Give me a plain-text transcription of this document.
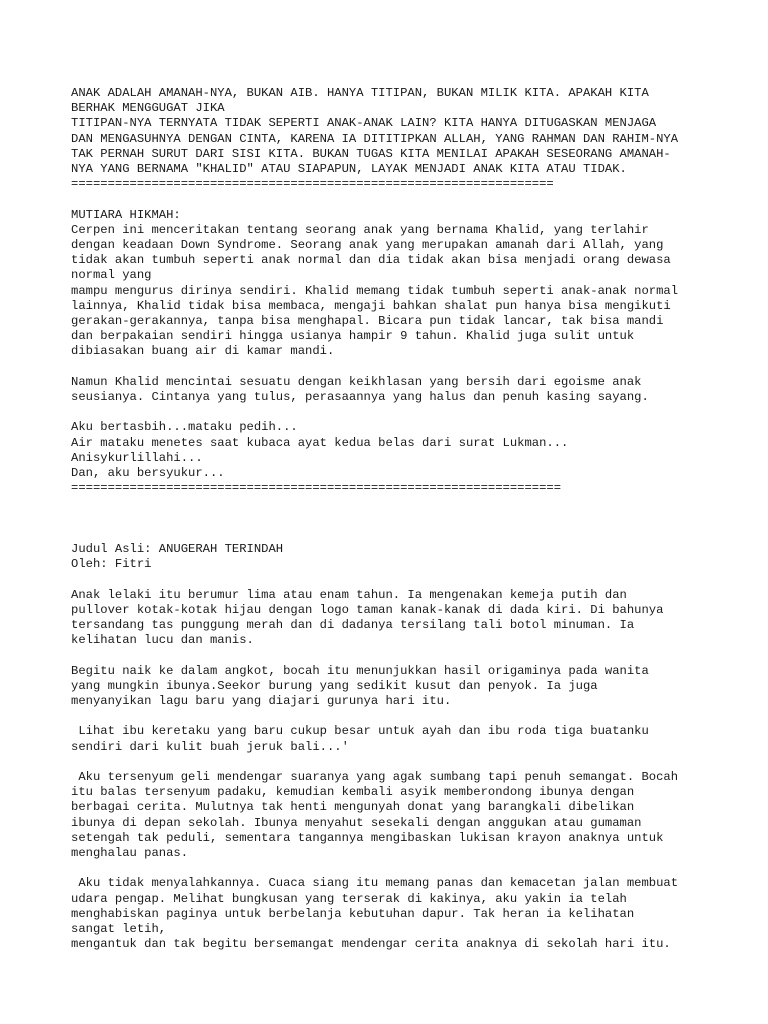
ANAK ADALAH AMANAH-NYA, BUKAN AIB. HANYA TITIPAN, BUKAN MILIK KITA. APAKAH KITA
BERHAK MENGGUGAT JIKA
TITIPAN-NYA TERNYATA TIDAK SEPERTI ANAK-ANAK LAIN? KITA HANYA DITUGASKAN MENJAGA
DAN MENGASUHNYA DENGAN CINTA, KARENA IA DITITIPKAN ALLAH, YANG RAHMAN DAN RAHIM-NYA
TAK PERNAH SURUT DARI SISI KITA. BUKAN TUGAS KITA MENILAI APAKAH SESEORANG AMANAH-
NYA YANG BERNAMA "KHALID" ATAU SIAPAPUN, LAYAK MENJADI ANAK KITA ATAU TIDAK.
==================================================================
MUTIARA HIKMAH:
Cerpen ini menceritakan tentang seorang anak yang bernama Khalid, yang terlahir
dengan keadaan Down Syndrome. Seorang anak yang merupakan amanah dari Allah, yang
tidak akan tumbuh seperti anak normal dan dia tidak akan bisa menjadi orang dewasa
normal yang
mampu mengurus dirinya sendiri. Khalid memang tidak tumbuh seperti anak-anak normal
lainnya, Khalid tidak bisa membaca, mengaji bahkan shalat pun hanya bisa mengikuti
gerakan-gerakannya, tanpa bisa menghapal. Bicara pun tidak lancar, tak bisa mandi
dan berpakaian sendiri hingga usianya hampir 9 tahun. Khalid juga sulit untuk
dibiasakan buang air di kamar mandi.
Namun Khalid mencintai sesuatu dengan keikhlasan yang bersih dari egoisme anak
seusianya. Cintanya yang tulus, perasaannya yang halus dan penuh kasing sayang.
Aku bertasbih...mataku pedih...
Air mataku menetes saat kubaca ayat kedua belas dari surat Lukman...
Anisykurlillahi...
Dan, aku bersyukur...
===================================================================
Judul Asli: ANUGERAH TERINDAH
Oleh: Fitri
Anak lelaki itu berumur lima atau enam tahun. Ia mengenakan kemeja putih dan
pullover kotak-kotak hijau dengan logo taman kanak-kanak di dada kiri. Di bahunya
tersandang tas punggung merah dan di dadanya tersilang tali botol minuman. Ia
kelihatan lucu dan manis.
Begitu naik ke dalam angkot, bocah itu menunjukkan hasil origaminya pada wanita
yang mungkin ibunya.Seekor burung yang sedikit kusut dan penyok. Ia juga
menyanyikan lagu baru yang diajari gurunya hari itu.
Lihat ibu keretaku yang baru cukup besar untuk ayah dan ibu roda tiga buatanku
sendiri dari kulit buah jeruk bali...'
Aku tersenyum geli mendengar suaranya yang agak sumbang tapi penuh semangat. Bocah
itu balas tersenyum padaku, kemudian kembali asyik memberondong ibunya dengan
berbagai cerita. Mulutnya tak henti mengunyah donat yang barangkali dibelikan
ibunya di depan sekolah. Ibunya menyahut sesekali dengan anggukan atau gumaman
setengah tak peduli, sementara tangannya mengibaskan lukisan krayon anaknya untuk
menghalau panas.
Aku tidak menyalahkannya. Cuaca siang itu memang panas dan kemacetan jalan membuat
udara pengap. Melihat bungkusan yang terserak di kakinya, aku yakin ia telah
menghabiskan paginya untuk berbelanja kebutuhan dapur. Tak heran ia kelihatan
sangat letih,
mengantuk dan tak begitu bersemangat mendengar cerita anaknya di sekolah hari itu.
